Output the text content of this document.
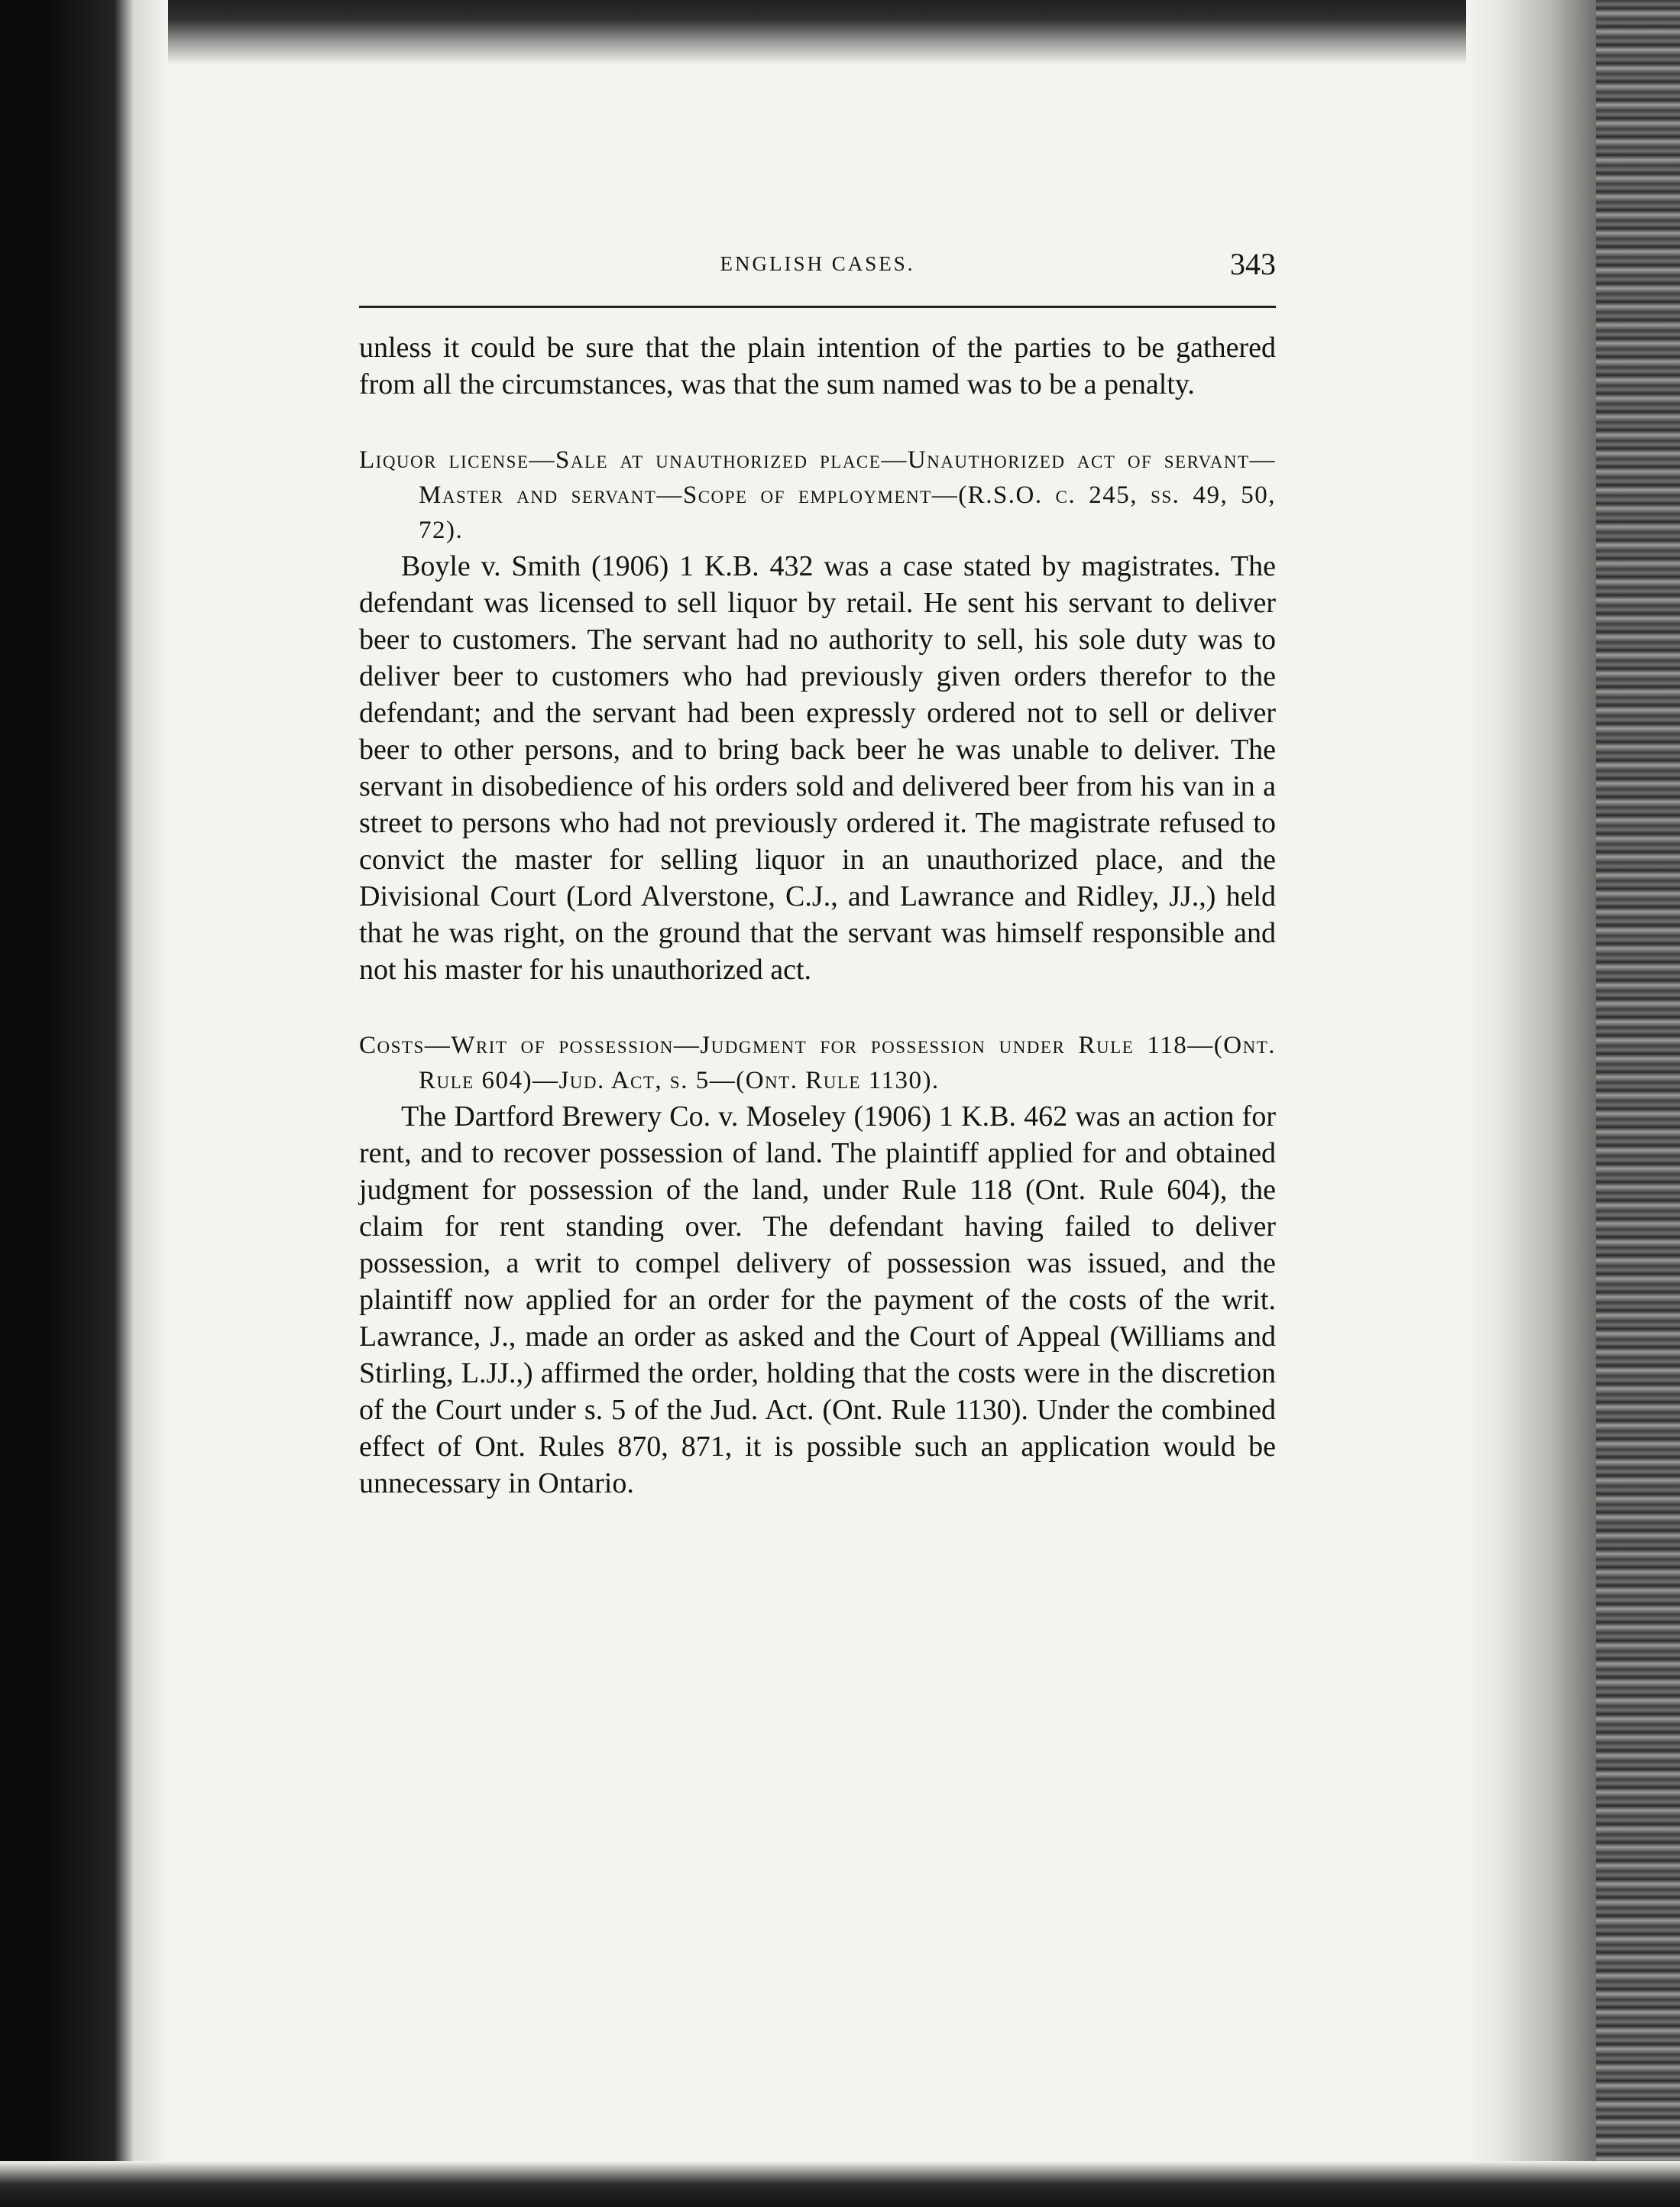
ENGLISH CASES.	343

unless it could be sure that the plain intention of the parties to be gathered from all the circumstances, was that the sum named was to be a penalty.

Liquor license—Sale at unauthorized place—Unauthorized act of servant—Master and servant—Scope of employment—(R.S.O. c. 245, ss. 49, 50, 72).

Boyle v. Smith (1906) 1 K.B. 432 was a case stated by magistrates. The defendant was licensed to sell liquor by retail. He sent his servant to deliver beer to customers. The servant had no authority to sell, his sole duty was to deliver beer to customers who had previously given orders therefor to the defendant; and the servant had been expressly ordered not to sell or deliver beer to other persons, and to bring back beer he was unable to deliver. The servant in disobedience of his orders sold and delivered beer from his van in a street to persons who had not previously ordered it. The magistrate refused to convict the master for selling liquor in an unauthorized place, and the Divisional Court (Lord Alverstone, C.J., and Lawrance and Ridley, JJ.,) held that he was right, on the ground that the servant was himself responsible and not his master for his unauthorized act.

Costs—Writ of possession—Judgment for possession under Rule 118—(Ont. Rule 604)—Jud. Act, s. 5—(Ont. Rule 1130).

The Dartford Brewery Co. v. Moseley (1906) 1 K.B. 462 was an action for rent, and to recover possession of land. The plaintiff applied for and obtained judgment for possession of the land, under Rule 118 (Ont. Rule 604), the claim for rent standing over. The defendant having failed to deliver possession, a writ to compel delivery of possession was issued, and the plaintiff now applied for an order for the payment of the costs of the writ. Lawrance, J., made an order as asked and the Court of Appeal (Williams and Stirling, L.JJ.,) affirmed the order, holding that the costs were in the discretion of the Court under s. 5 of the Jud. Act. (Ont. Rule 1130). Under the combined effect of Ont. Rules 870, 871, it is possible such an application would be unnecessary in Ontario.
